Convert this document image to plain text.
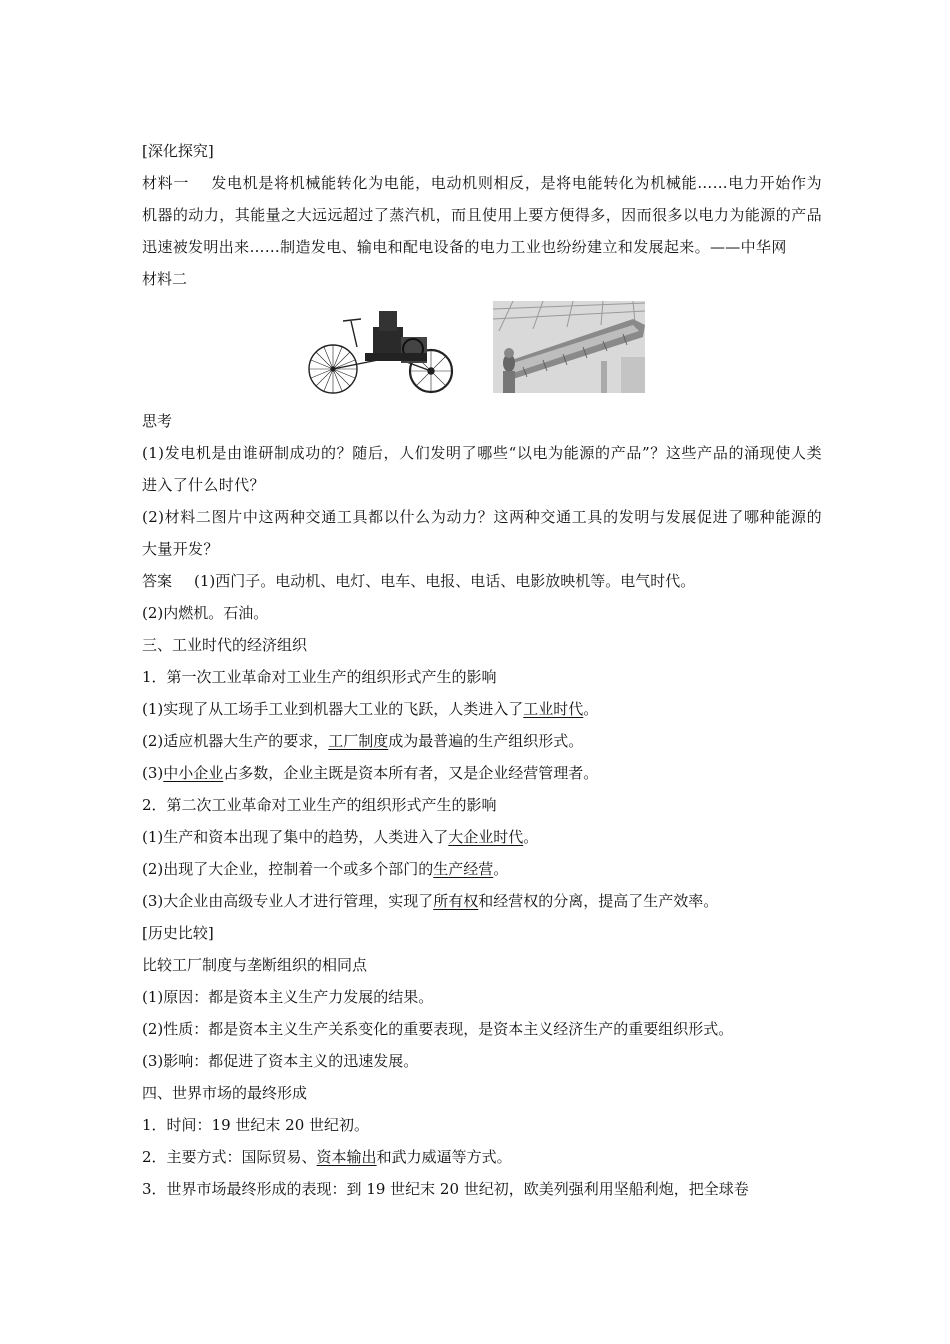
[深化探究]

材料一 发电机是将机械能转化为电能，电动机则相反，是将电能转化为机械能……电力开始作为机器的动力，其能量之大远远超过了蒸汽机，而且使用上要方便得多，因而很多以电力为能源的产品迅速被发明出来……制造发电、输电和配电设备的电力工业也纷纷建立和发展起来。——中华网

材料二

思考

(1)发电机是由谁研制成功的？随后，人们发明了哪些“以电为能源的产品”？这些产品的涌现使人类进入了什么时代？

(2)材料二图片中这两种交通工具都以什么为动力？这两种交通工具的发明与发展促进了哪种能源的大量开发？

答案 (1)西门子。电动机、电灯、电车、电报、电话、电影放映机等。电气时代。

(2)内燃机。石油。

三、工业时代的经济组织

1．第一次工业革命对工业生产的组织形式产生的影响

(1)实现了从工场手工业到机器大工业的飞跃，人类进入了工业时代。

(2)适应机器大生产的要求，工厂制度成为最普遍的生产组织形式。

(3)中小企业占多数，企业主既是资本所有者，又是企业经营管理者。

2．第二次工业革命对工业生产的组织形式产生的影响

(1)生产和资本出现了集中的趋势，人类进入了大企业时代。

(2)出现了大企业，控制着一个或多个部门的生产经营。

(3)大企业由高级专业人才进行管理，实现了所有权和经营权的分离，提高了生产效率。

[历史比较]

比较工厂制度与垄断组织的相同点

(1)原因：都是资本主义生产力发展的结果。

(2)性质：都是资本主义生产关系变化的重要表现，是资本主义经济生产的重要组织形式。

(3)影响：都促进了资本主义的迅速发展。

四、世界市场的最终形成

1．时间：19 世纪末 20 世纪初。

2．主要方式：国际贸易、资本输出和武力威逼等方式。

3．世界市场最终形成的表现：到 19 世纪末 20 世纪初，欧美列强利用坚船利炮，把全球卷
